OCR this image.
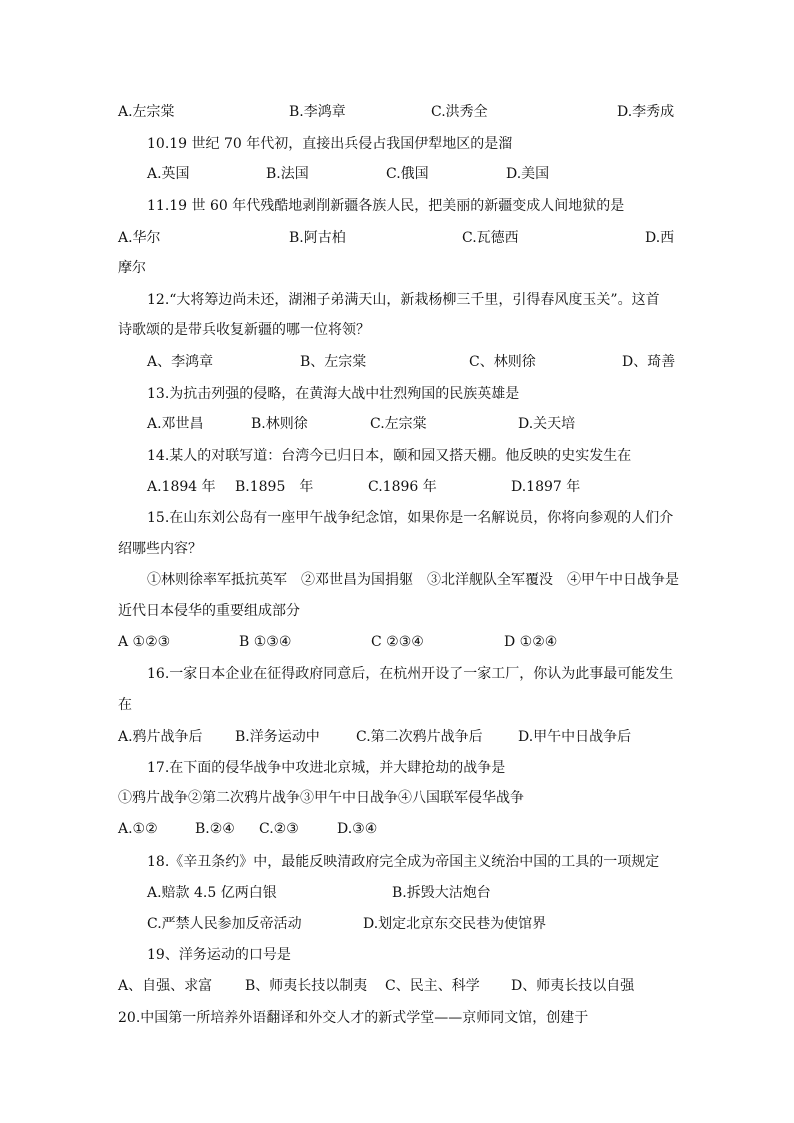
A.左宗棠	B.李鸿章	C.洪秀全	D.李秀成
10.19 世纪 70 年代初，直接出兵侵占我国伊犁地区的是溜
A.英国	B.法国	C.俄国	D.美国
11.19 世 60 年代残酷地剥削新疆各族人民，把美丽的新疆变成人间地狱的是
A.华尔	B.阿古柏	C.瓦德西	D.西
摩尔
12.“大将筹边尚未还，湖湘子弟满天山，新栽杨柳三千里，引得春风度玉关”。这首
诗歌颂的是带兵收复新疆的哪一位将领？
A、李鸿章	B、左宗棠	C、林则徐	D、琦善
13.为抗击列强的侵略，在黄海大战中壮烈殉国的民族英雄是
A.邓世昌	B.林则徐	C.左宗棠	D.关天培
14.某人的对联写道：台湾今已归日本，颐和园又搭天棚。他反映的史实发生在
A.1894 年 B.1895　年	C.1896 年	D.1897 年
15.在山东刘公岛有一座甲午战争纪念馆，如果你是一名解说员，你将向参观的人们介
绍哪些内容？
①林则徐率军抵抗英军　②邓世昌为国捐躯　③北洋舰队全军覆没　④甲午中日战争是
近代日本侵华的重要组成部分
A ①②③	B ①③④	C ②③④	D ①②④
16.一家日本企业在征得政府同意后，在杭州开设了一家工厂，你认为此事最可能发生
在
A.鸦片战争后 B.洋务运动中	C.第二次鸦片战争后	D.甲午中日战争后
17.在下面的侵华战争中攻进北京城，并大肆抢劫的战争是
①鸦片战争②第二次鸦片战争③甲午中日战争④八国联军侵华战争
A.①②	B.②④ C.②③	D.③④
18.《辛丑条约》中，最能反映清政府完全成为帝国主义统治中国的工具的一项规定
A.赔款 4.5 亿两白银	B.拆毁大沽炮台
C.严禁人民参加反帝活动	D.划定北京东交民巷为使馆界
19、洋务运动的口号是
A、自强、求富 B、师夷长技以制夷 C、民主、科学 D、师夷长技以自强
20.中国第一所培养外语翻译和外交人才的新式学堂——京师同文馆，创建于
